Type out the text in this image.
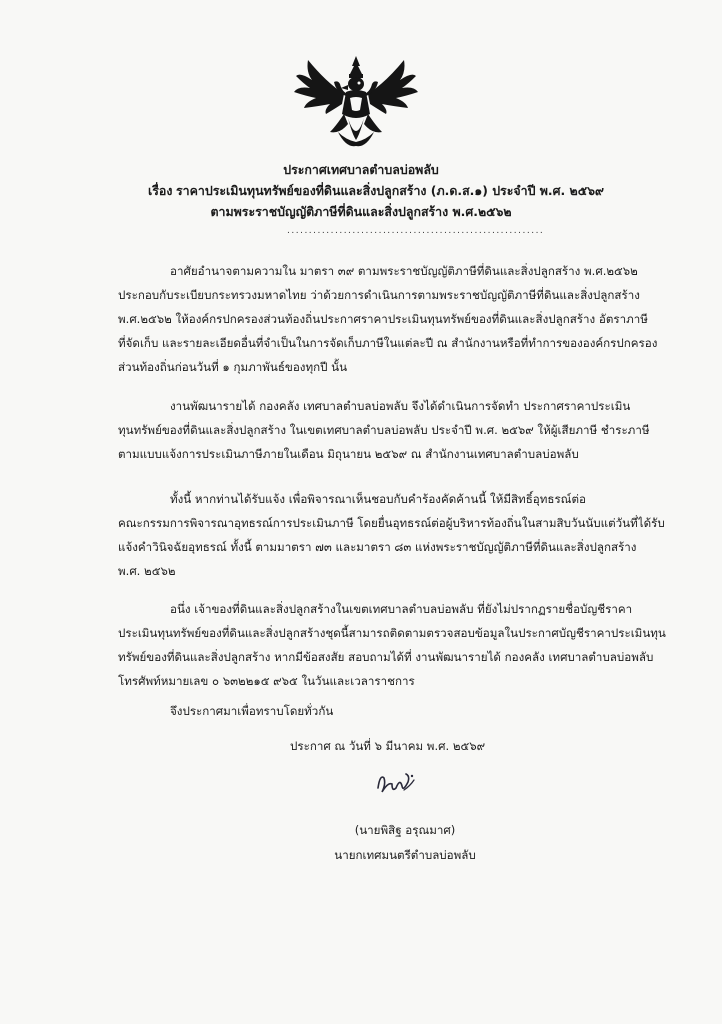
ประกาศเทศบาลตำบลบ่อพลับ
เรื่อง ราคาประเมินทุนทรัพย์ของที่ดินและสิ่งปลูกสร้าง (ภ.ด.ส.๑) ประจำปี พ.ศ. ๒๕๖๙
ตามพระราชบัญญัติภาษีที่ดินและสิ่งปลูกสร้าง พ.ศ.๒๕๖๒
...........................................................
อาศัยอำนาจตามความใน มาตรา ๓๙ ตามพระราชบัญญัติภาษีที่ดินและสิ่งปลูกสร้าง พ.ศ.๒๕๖๒
ประกอบกับระเบียบกระทรวงมหาดไทย ว่าด้วยการดำเนินการตามพระราชบัญญัติภาษีที่ดินและสิ่งปลูกสร้าง
พ.ศ.๒๕๖๒ ให้องค์กรปกครองส่วนท้องถิ่นประกาศราคาประเมินทุนทรัพย์ของที่ดินและสิ่งปลูกสร้าง อัตราภาษี
ที่จัดเก็บ และรายละเอียดอื่นที่จำเป็นในการจัดเก็บภาษีในแต่ละปี ณ สำนักงานหรือที่ทำการขององค์กรปกครอง
ส่วนท้องถิ่นก่อนวันที่ ๑ กุมภาพันธ์ของทุกปี นั้น
งานพัฒนารายได้ กองคลัง เทศบาลตำบลบ่อพลับ จึงได้ดำเนินการจัดทำ ประกาศราคาประเมิน
ทุนทรัพย์ของที่ดินและสิ่งปลูกสร้าง ในเขตเทศบาลตำบลบ่อพลับ ประจำปี พ.ศ. ๒๕๖๙ ให้ผู้เสียภาษี ชำระภาษี
ตามแบบแจ้งการประเมินภาษีภายในเดือน มิถุนายน ๒๕๖๙ ณ สำนักงานเทศบาลตำบลบ่อพลับ
ทั้งนี้ หากท่านได้รับแจ้ง เพื่อพิจารณาเห็นชอบกับคำร้องคัดค้านนี้ ให้มีสิทธิ์อุทธรณ์ต่อ
คณะกรรมการพิจารณาอุทธรณ์การประเมินภาษี โดยยื่นอุทธรณ์ต่อผู้บริหารท้องถิ่นในสามสิบวันนับแต่วันที่ได้รับ
แจ้งคำวินิจฉัยอุทธรณ์ ทั้งนี้ ตามมาตรา ๗๓ และมาตรา ๘๓ แห่งพระราชบัญญัติภาษีที่ดินและสิ่งปลูกสร้าง
พ.ศ. ๒๕๖๒
อนึ่ง เจ้าของที่ดินและสิ่งปลูกสร้างในเขตเทศบาลตำบลบ่อพลับ ที่ยังไม่ปรากฏรายชื่อบัญชีราคา
ประเมินทุนทรัพย์ของที่ดินและสิ่งปลูกสร้างชุดนี้สามารถติดตามตรวจสอบข้อมูลในประกาศบัญชีราคาประเมินทุน
ทรัพย์ของที่ดินและสิ่งปลูกสร้าง หากมีข้อสงสัย สอบถามได้ที่ งานพัฒนารายได้ กองคลัง เทศบาลตำบลบ่อพลับ
โทรศัพท์หมายเลข ๐ ๖๓๒๒๑๕ ๙๖๕ ในวันและเวลาราชการ
จึงประกาศมาเพื่อทราบโดยทั่วกัน
ประกาศ ณ วันที่ ๖ มีนาคม พ.ศ. ๒๕๖๙
(นายพิสิฐ อรุณมาศ)
นายกเทศมนตรีตำบลบ่อพลับ
